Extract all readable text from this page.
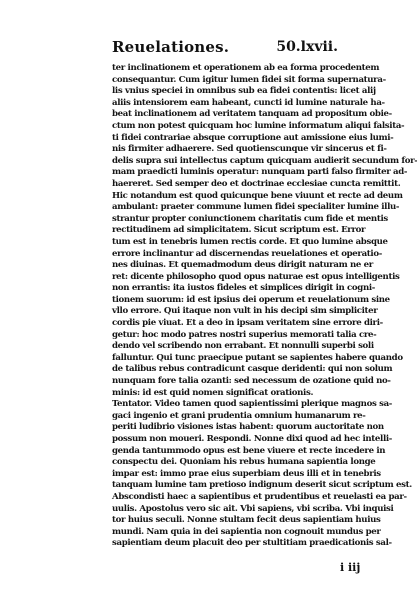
Reuelationes.	50.lxvii.
ter inclinationem et operationem ab ea forma procedentem
consequantur. Cum igitur lumen fidei sit forma supernatura-
lis vnius speciei in omnibus sub ea fidei contentis: licet alij
aliis intensiorem eam habeant, cuncti id lumine naturale ha-
beat inclinationem ad veritatem tanquam ad propositum obie-
ctum non potest quicquam hoc lumine informatum aliqui falsita-
ti fidei contrariae absque corruptione aut amissione eius lumi-
nis firmiter adhaerere. Sed quotienscunque vir sincerus et fi-
delis supra sui intellectus captum quicquam audierit secundum for-
mam praedicti luminis operatur: nunquam parti falso firmiter ad-
haereret. Sed semper deo et doctrinae ecclesiae cuncta remittit.
Hic notandum est quod quicunque bene viuunt et recte ad deum
ambulant: praeter commune lumen fidei specialiter lumine illu-
strantur propter coniunctionem charitatis cum fide et mentis
rectitudinem ad simplicitatem. Sicut scriptum est. Error
tum est in tenebris lumen rectis corde. Et quo lumine absque
errore inclinantur ad discernendas reuelationes et operatio-
nes diuinas. Et quemadmodum deus dirigit naturam ne er
ret: dicente philosopho quod opus naturae est opus intelligentis
non errantis: ita iustos fideles et simplices dirigit in cogni-
tionem suorum: id est ipsius dei operum et reuelationum sine
vllo errore. Qui itaque non vult in his decipi sim simpliciter
cordis pie viuat. Et a deo in ipsam veritatem sine errore diri-
getur: hoc modo patres nostri superius memorati talia cre-
dendo vel scribendo non errabant. Et nonnulli superbi soli
falluntur. Qui tunc praecipue putant se sapientes habere quando
de talibus rebus contradicunt casque deridenti: qui non solum
nunquam fore talia ozanti: sed necessum de ozatione quid no-
minis: id est quid nomen significat orationis.
Tentator. Video tamen quod sapientissimi plerique magnos sa-
gaci ingenio et grani prudentia omnium humanarum re-
periti ludibrio visiones istas habent: quorum auctoritate non
possum non moueri. Respondi. Nonne dixi quod ad hec intelli-
genda tantummodo opus est bene viuere et recte incedere in
conspectu dei. Quoniam his rebus humana sapientia longe
impar est: immo prae eius superbiam deus illi et in tenebris
tanquam lumine tam pretioso indignum deserit sicut scriptum est.
Abscondisti haec a sapientibus et prudentibus et reuelasti ea par-
uulis. Apostolus vero sic ait. Vbi sapiens, vbi scriba. Vbi inquisi
tor huius seculi. Nonne stultam fecit deus sapientiam huius
mundi. Nam quia in dei sapientia non cognouit mundus per
sapientiam deum placuit deo per stultitiam praedicationis sal-
i iij
